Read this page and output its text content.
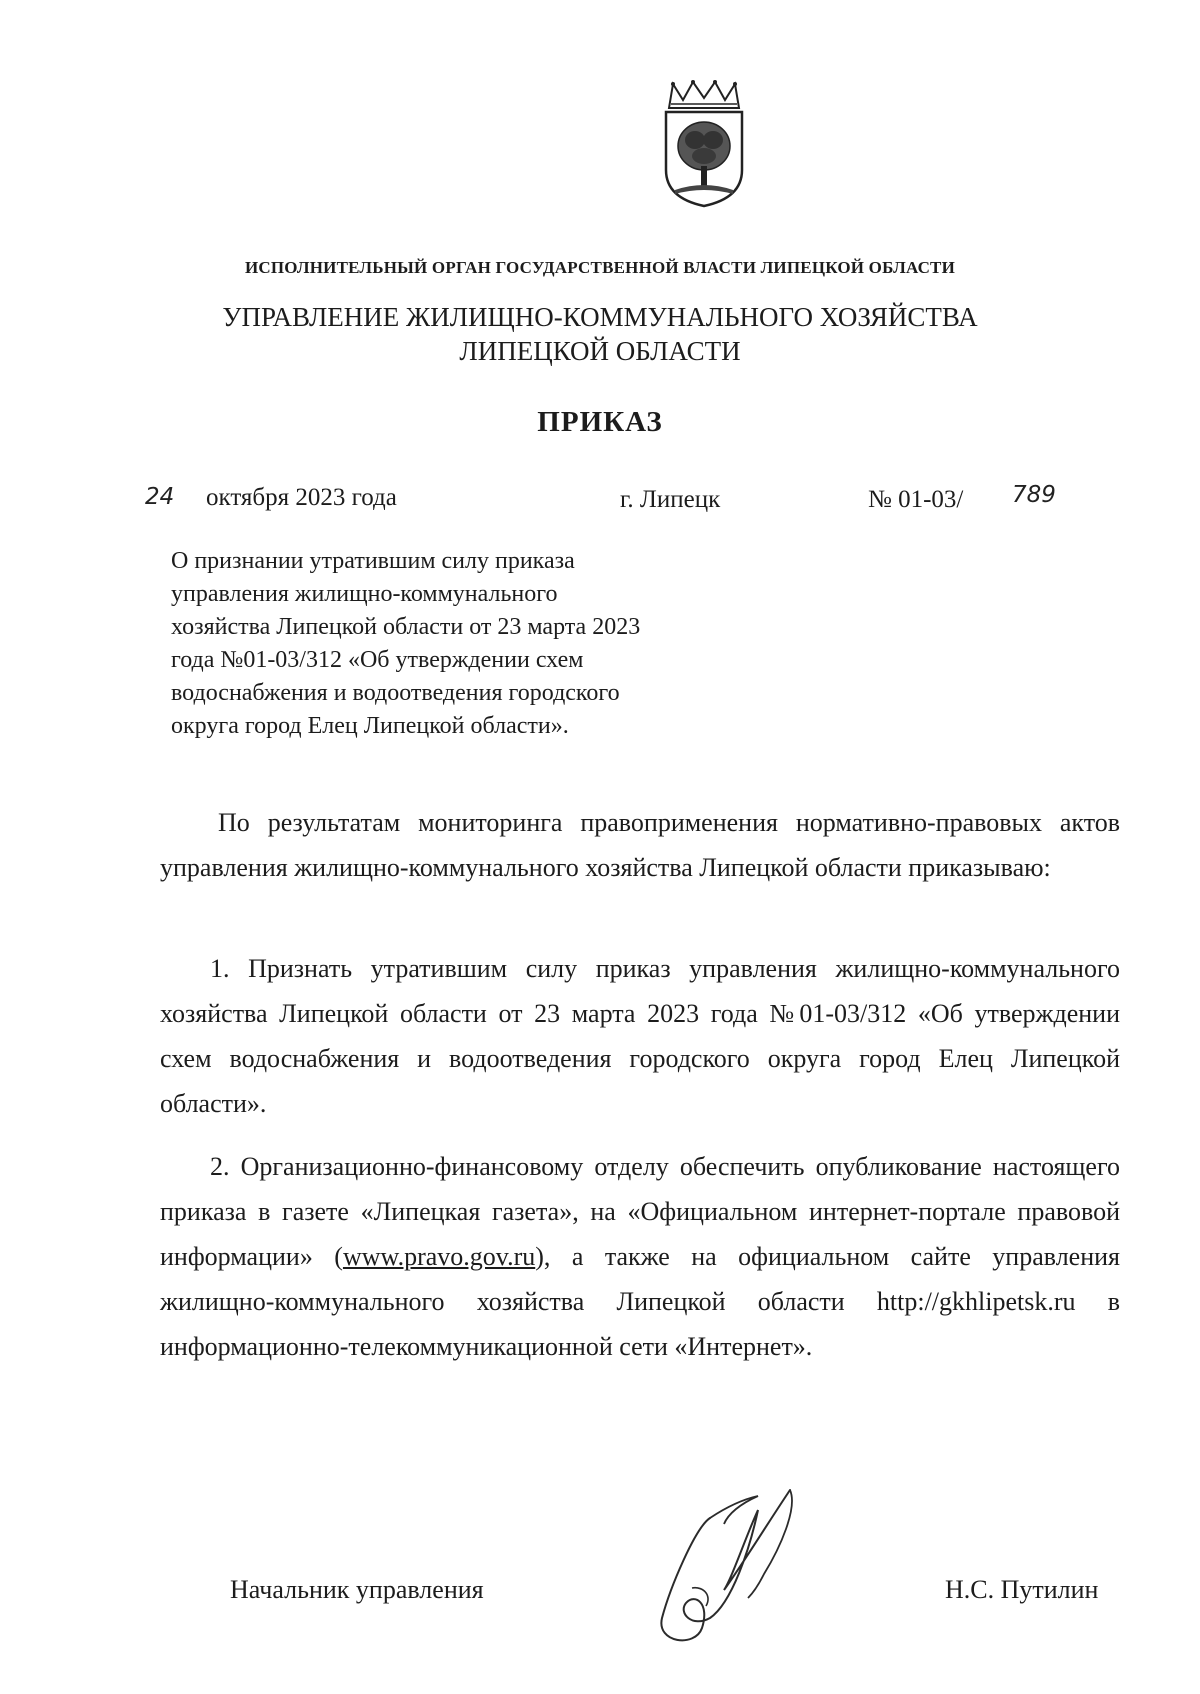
ИСПОЛНИТЕЛЬНЫЙ ОРГАН ГОСУДАРСТВЕННОЙ ВЛАСТИ ЛИПЕЦКОЙ ОБЛАСТИ

УПРАВЛЕНИЕ ЖИЛИЩНО-КОММУНАЛЬНОГО ХОЗЯЙСТВА
ЛИПЕЦКОЙ ОБЛАСТИ
ПРИКАЗ
24 октября 2023 года	г. Липецк	№ 01-03/ 789

О признании утратившим силу приказа
управления жилищно-коммунального
хозяйства Липецкой области от 23 марта 2023
года №01-03/312 «Об утверждении схем
водоснабжения и водоотведения городского
округа город Елец Липецкой области».

По результатам мониторинга правоприменения нормативно-правовых актов управления жилищно-коммунального хозяйства Липецкой области приказываю:

1. Признать утратившим силу приказ управления жилищно-коммунального хозяйства Липецкой области от 23 марта 2023 года №01-03/312 «Об утверждении схем водоснабжения и водоотведения городского округа город Елец Липецкой области».

2. Организационно-финансовому отделу обеспечить опубликование настоящего приказа в газете «Липецкая газета», на «Официальном интернет-портале правовой информации» (www.pravo.gov.ru), а также на официальном сайте управления жилищно-коммунального хозяйства Липецкой области http://gkhlipetsk.ru в информационно-телекоммуникационной сети «Интернет».

Начальник управления	Н.С. Путилин
